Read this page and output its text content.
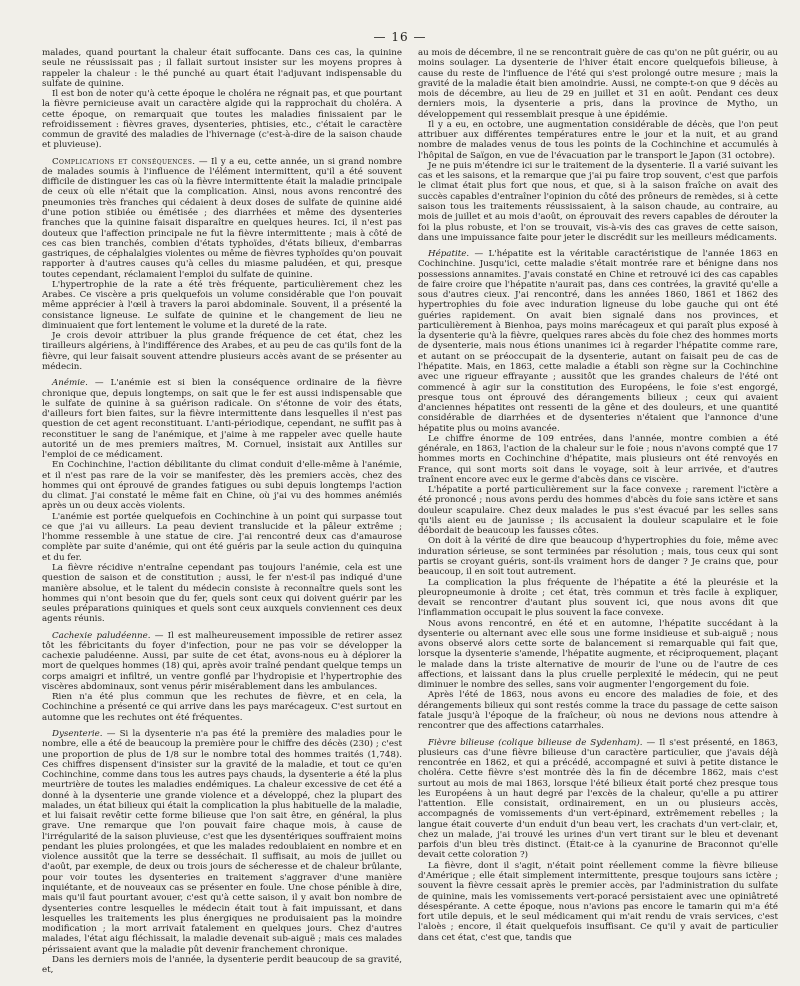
— 16 —

malades, quand pourtant la chaleur était suffocante. Dans ces cas, la quinine seule ne réussissait pas ; il fallait surtout insister sur les moyens propres à rappeler la chaleur : le thé punché au quart était l'adjuvant indispensable du sulfate de quinine.

Il est bon de noter qu'à cette époque le choléra ne régnait pas, et que pourtant la fièvre pernicieuse avait un caractère algide qui la rapprochait du choléra. A cette époque, on remarquait que toutes les maladies finissaient par le refroidissement : fièvres graves, dysenteries, phtisies, etc., c'était le caractère commun de gravité des maladies de l'hivernage (c'est-à-dire de la saison chaude et pluvieuse).

Complications et conséquences. — Il y a eu, cette année, un si grand nombre de malades soumis à l'influence de l'élément intermittent, qu'il a été souvent difficile de distinguer les cas où la fièvre intermittente était la maladie principale de ceux où elle n'était que la complication. Ainsi, nous avons rencontré des pneumonies très franches qui cédaient à deux doses de sulfate de quinine aidé d'une potion stibiée ou émétisée ; des diarrhées et même des dysenteries franches que la quinine faisait disparaître en quelques heures. Ici, il n'est pas douteux que l'affection principale ne fut la fièvre intermittente ; mais à côté de ces cas bien tranchés, combien d'états typhoïdes, d'états bilieux, d'embarras gastriques, de céphalalgies violentes ou même de fièvres typhoïdes qu'on pouvait rapporter à d'autres causes qu'à celles du miasme paludéen, et qui, presque toutes cependant, réclamaient l'emploi du sulfate de quinine.

L'hypertrophie de la rate a été très fréquente, particulièrement chez les Arabes. Ce viscère a pris quelquefois un volume considérable que l'on pouvait même apprécier à l'œil à travers la paroi abdominale. Souvent, il a présenté la consistance ligneuse. Le sulfate de quinine et le changement de lieu ne diminuaient que fort lentement le volume et la dureté de la rate.

Je crois devoir attribuer la plus grande fréquence de cet état, chez les tirailleurs algériens, à l'indifférence des Arabes, et au peu de cas qu'ils font de la fièvre, qui leur faisait souvent attendre plusieurs accès avant de se présenter au médecin.

Anémie. — L'anémie est si bien la conséquence ordinaire de la fièvre chronique que, depuis longtemps, on sait que le fer est aussi indispensable que le sulfate de quinine à sa guérison radicale. On s'étonne de voir des états, d'ailleurs fort bien faites, sur la fièvre intermittente dans lesquelles il n'est pas question de cet agent reconstituant. L'anti-périodique, cependant, ne suffit pas à reconstituer le sang de l'anémique, et j'aime à me rappeler avec quelle haute autorité un de mes premiers maîtres, M. Cornuel, insistait aux Antilles sur l'emploi de ce médicament.

En Cochinchine, l'action débilitante du climat conduit d'elle-même à l'anémie, et il n'est pas rare de la voir se manifester, dès les premiers accès, chez des hommes qui ont éprouvé de grandes fatigues ou subi depuis longtemps l'action du climat. J'ai constaté le même fait en Chine, où j'ai vu des hommes anémiés après un ou deux accès violents.

L'anémie est portée quelquefois en Cochinchine à un point qui surpasse tout ce que j'ai vu ailleurs. La peau devient translucide et la pâleur extrême ; l'homme ressemble à une statue de cire. J'ai rencontré deux cas d'amaurose complète par suite d'anémie, qui ont été guéris par la seule action du quinquina et du fer.

La fièvre récidive n'entraîne cependant pas toujours l'anémie, cela est une question de saison et de constitution ; aussi, le fer n'est-il pas indiqué d'une manière absolue, et le talent du médecin consiste à reconnaître quels sont les hommes qui n'ont besoin que du fer, quels sont ceux qui doivent guérir par les seules préparations quiniques et quels sont ceux auxquels conviennent ces deux agents réunis.

Cachexie paludéenne. — Il est malheureusement impossible de retirer assez tôt les fébricitants du foyer d'infection, pour ne pas voir se développer la cachexie paludéenne. Aussi, par suite de cet état, avons-nous eu à déplorer la mort de quelques hommes (18) qui, après avoir traîné pendant quelque temps un corps amaigri et infiltré, un ventre gonflé par l'hydropisie et l'hypertrophie des viscères abdominaux, sont venus périr misérablement dans les ambulances.

Rien n'a été plus commun que les rechutes de fièvre, et en cela, la Cochinchine a présenté ce qui arrive dans les pays marécageux. C'est surtout en automne que les rechutes ont été fréquentes.

Dysenterie. — Si la dysenterie n'a pas été la première des maladies pour le nombre, elle a été de beaucoup la première pour le chiffre des décès (230) ; c'est une proportion de plus de 1/8 sur le nombre total des hommes traités (1,748). Ces chiffres dispensent d'insister sur la gravité de la maladie, et tout ce qu'en Cochinchine, comme dans tous les autres pays chauds, la dysenterie a été la plus meurtrière de toutes les maladies endémiques. La chaleur excessive de cet été a donné à la dysenterie une grande violence et a développé, chez la plupart des malades, un état bilieux qui était la complication la plus habituelle de la maladie, et lui faisait revêtir cette forme bilieuse que l'on sait être, en général, la plus grave. Une remarque que l'on pouvait faire chaque mois, à cause de l'irrégularité de la saison pluvieuse, c'est que les dysentériques souffraient moins pendant les pluies prolongées, et que les malades redoublaient en nombre et en violence aussitôt que la terre se desséchait. Il suffisait, au mois de juillet ou d'août, par exemple, de deux ou trois jours de sécheresse et de chaleur brûlante, pour voir toutes les dysenteries en traitement s'aggraver d'une manière inquiétante, et de nouveaux cas se présenter en foule. Une chose pénible à dire, mais qu'il faut pourtant avouer, c'est qu'à cette saison, il y avait bon nombre de dysenteries contre lesquelles le médecin était tout à fait impuissant, et dans lesquelles les traitements les plus énergiques ne produisaient pas la moindre modification ; la mort arrivait fatalement en quelques jours. Chez d'autres malades, l'état aigu fléchissait, la maladie devenait sub-aiguë ; mais ces malades périssaient avant que la maladie pût devenir franchement chronique.

Dans les derniers mois de l'année, la dysenterie perdit beaucoup de sa gravité, et,

au mois de décembre, il ne se rencontrait guère de cas qu'on ne pût guérir, ou au moins soulager. La dysenterie de l'hiver était encore quelquefois bilieuse, à cause du reste de l'influence de l'été qui s'est prolongé outre mesure ; mais la gravité de la maladie était bien amoindrie. Aussi, ne compte-t-on que 9 décès au mois de décembre, au lieu de 29 en juillet et 31 en août. Pendant ces deux derniers mois, la dysenterie a pris, dans la province de Mytho, un développement qui ressemblait presque à une épidémie.

Il y a eu, en octobre, une augmentation considérable de décès, que l'on peut attribuer aux différentes températures entre le jour et la nuit, et au grand nombre de malades venus de tous les points de la Cochinchine et accumulés à l'hôpital de Saïgon, en vue de l'évacuation par le transport le Japon (31 octobre).

Je ne puis m'étendre ici sur le traitement de la dysenterie. Il a varié suivant les cas et les saisons, et la remarque que j'ai pu faire trop souvent, c'est que parfois le climat était plus fort que nous, et que, si à la saison fraîche on avait des succès capables d'entraîner l'opinion du côté des prôneurs de remèdes, si à cette saison tous les traitements réussissaient, à la saison chaude, au contraire, au mois de juillet et au mois d'août, on éprouvait des revers capables de dérouter la foi la plus robuste, et l'on se trouvait, vis-à-vis des cas graves de cette saison, dans une impuissance faite pour jeter le discrédit sur les meilleurs médicaments.

Hépatite. — L'hépatite est la véritable caractéristique de l'année 1863 en Cochinchine. Jusqu'ici, cette maladie s'était montrée rare et bénigne dans nos possessions annamites. J'avais constaté en Chine et retrouvé ici des cas capables de faire croire que l'hépatite n'aurait pas, dans ces contrées, la gravité qu'elle a sous d'autres cieux. J'ai rencontré, dans les années 1860, 1861 et 1862 des hypertrophies du foie avec induration ligneuse du lobe gauche qui ont été guéries rapidement. On avait bien signalé dans nos provinces, et particulièrement à Bienhoa, pays moins marécageux et qui paraît plus exposé à la dysenterie qu'à la fièvre, quelques rares abcès du foie chez des hommes morts de dysenterie, mais nous étions unanimes ici à regarder l'hépatite comme rare, et autant on se préoccupait de la dysenterie, autant on faisait peu de cas de l'hépatite. Mais, en 1863, cette maladie a établi son règne sur la Cochinchine avec une rigueur effrayante ; aussitôt que les grandes chaleurs de l'été ont commencé à agir sur la constitution des Européens, le foie s'est engorgé, presque tous ont éprouvé des dérangements bilieux ; ceux qui avaient d'anciennes hépatites ont ressenti de la gêne et des douleurs, et une quantité considérable de diarrhées et de dysenteries n'étaient que l'annonce d'une hépatite plus ou moins avancée.

Le chiffre énorme de 109 entrées, dans l'année, montre combien a été générale, en 1863, l'action de la chaleur sur le foie ; nous n'avons compté que 17 hommes morts en Cochinchine d'hépatite, mais plusieurs ont été renvoyés en France, qui sont morts soit dans le voyage, soit à leur arrivée, et d'autres traînent encore avec eux le germe d'abcès dans ce viscère.

L'hépatite a porté particulièrement sur la face convexe ; rarement l'ictère a été prononcé ; nous avons perdu des hommes d'abcès du foie sans ictère et sans douleur scapulaire. Chez deux malades le pus s'est évacué par les selles sans qu'ils aient eu de jaunisse ; ils accusaient la douleur scapulaire et le foie débordait de beaucoup les fausses côtes.

On doit à la vérité de dire que beaucoup d'hypertrophies du foie, même avec induration sérieuse, se sont terminées par résolution ; mais, tous ceux qui sont partis se croyant guéris, sont-ils vraiment hors de danger ? Je crains que, pour beaucoup, il en soit tout autrement.

La complication la plus fréquente de l'hépatite a été la pleurésie et la pleuropneumonie à droite ; cet état, très commun et très facile à expliquer, devait se rencontrer d'autant plus souvent ici, que nous avons dit que l'inflammation occupait le plus souvent la face convexe.

Nous avons rencontré, en été et en automne, l'hépatite succédant à la dysenterie ou alternant avec elle sous une forme insidieuse et sub-aiguë ; nous avons observé alors cette sorte de balancement si remarquable qui fait que, lorsque la dysenterie s'amende, l'hépatite augmente, et réciproquement, plaçant le malade dans la triste alternative de mourir de l'une ou de l'autre de ces affections, et laissant dans la plus cruelle perplexité le médecin, qui ne peut diminuer le nombre des selles, sans voir augmenter l'engorgement du foie.

Après l'été de 1863, nous avons eu encore des maladies de foie, et des dérangements bilieux qui sont restés comme la trace du passage de cette saison fatale jusqu'à l'époque de la fraîcheur, où nous ne devions nous attendre à rencontrer que des affections catarrhales.

Fièvre bilieuse (colique bilieuse de Sydenham). — Il s'est présenté, en 1863, plusieurs cas d'une fièvre bilieuse d'un caractère particulier, que j'avais déjà rencontrée en 1862, et qui a précédé, accompagné et suivi à petite distance le choléra. Cette fièvre s'est montrée dès la fin de décembre 1862, mais c'est surtout au mois de mai 1863, lorsque l'été bilieux était porté chez presque tous les Européens à un haut degré par l'excès de la chaleur, qu'elle a pu attirer l'attention. Elle consistait, ordinairement, en un ou plusieurs accès, accompagnés de vomissements d'un vert-épinard, extrêmement rebelles ; la langue était couverte d'un enduit d'un beau vert, les crachats d'un vert-clair, et, chez un malade, j'ai trouvé les urines d'un vert tirant sur le bleu et devenant parfois d'un bleu très distinct. (Était-ce à la cyanurine de Braconnot qu'elle devait cette coloration ?)

La fièvre, dont il s'agit, n'était point réellement comme la fièvre bilieuse d'Amérique ; elle était simplement intermittente, presque toujours sans ictère ; souvent la fièvre cessait après le premier accès, par l'administration du sulfate de quinine, mais les vomissements vert-poracé persistaient avec une opiniâtreté désespérante. A cette époque, nous n'avions pas encore le tamarin qui m'a été fort utile depuis, et le seul médicament qui m'ait rendu de vrais services, c'est l'aloès ; encore, il était quelquefois insuffisant. Ce qu'il y avait de particulier dans cet état, c'est que, tandis que
